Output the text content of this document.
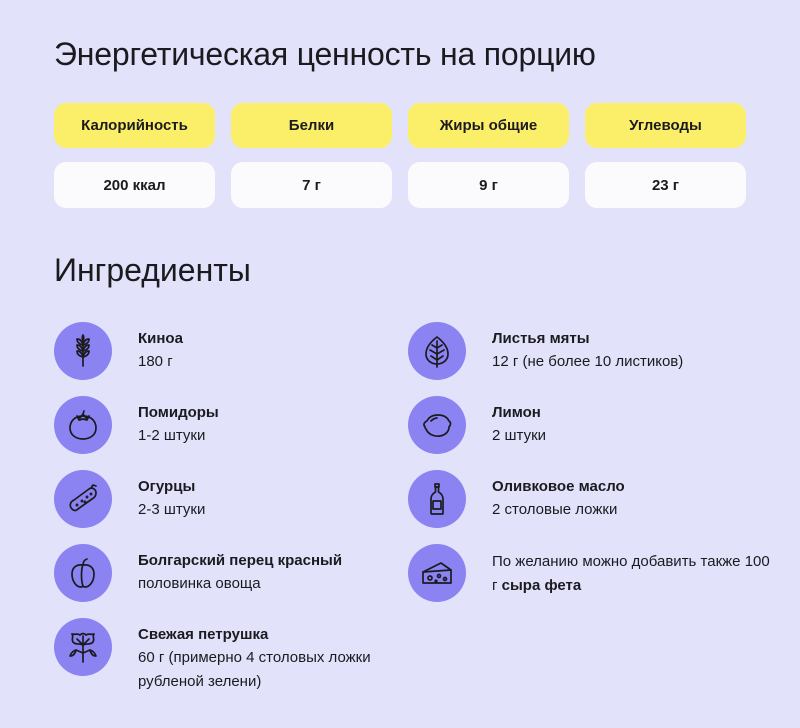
Энергетическая ценность на порцию
Калорийность	Белки	Жиры общие	Углеводы
200 ккал	7 г	9 г	23 г
Ингредиенты
Киноа
180 г
Помидоры
1-2 штуки
Огурцы
2-3 штуки
Болгарский перец красный
половинка овоща
Свежая петрушка
60 г (примерно 4 столовых ложки рубленой зелени)
Листья мяты
12 г (не более 10 листиков)
Лимон
2 штуки
Оливковое масло
2 столовые ложки
По желанию можно добавить также 100 г сыра фета
